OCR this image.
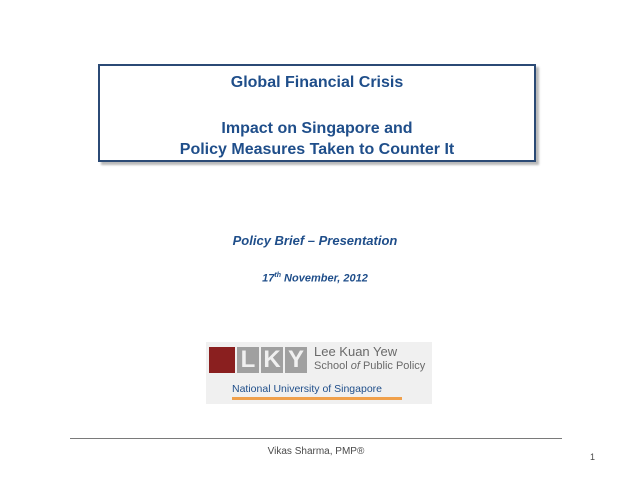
Global Financial Crisis
Impact on Singapore and
Policy Measures Taken to Counter It
Policy Brief – Presentation
17th November, 2012
L K Y Lee Kuan Yew
School of Public Policy
National University of Singapore
Vikas Sharma, PMP®	1
